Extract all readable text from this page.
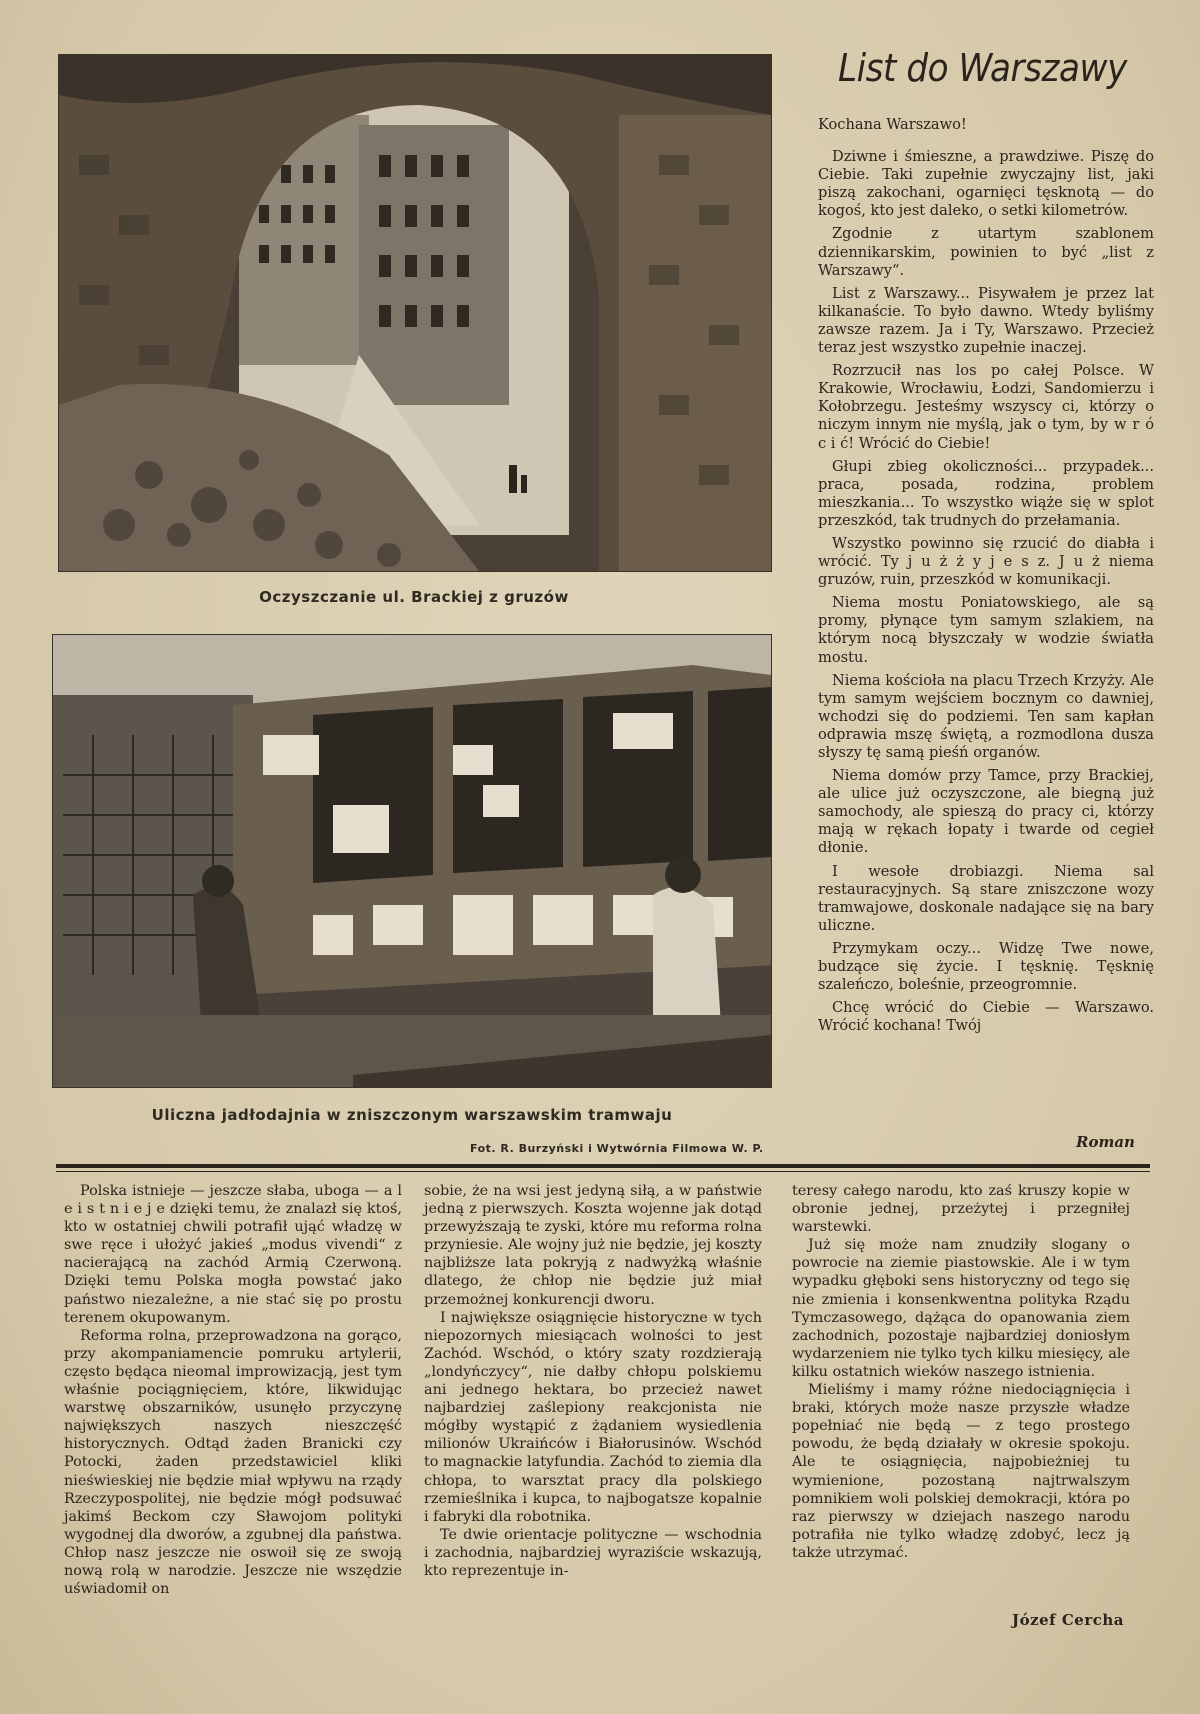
Oczyszczanie ul. Brackiej z gruzów
Uliczna jadłodajnia w zniszczonym warszawskim tramwaju
Fot. R. Burzyński i Wytwórnia Filmowa W. P.
List do Warszawy

Kochana Warszawo!

Dziwne i śmieszne, a prawdziwe. Piszę do Ciebie. Taki zupełnie zwyczajny list, jaki piszą zakochani, ogarnięci tęsknotą — do kogoś, kto jest daleko, o setki kilometrów.

Zgodnie z utartym szablonem dziennikarskim, powinien to być „list z Warszawy“.

List z Warszawy... Pisywałem je przez lat kilkanaście. To było dawno. Wtedy byliśmy zawsze razem. Ja i Ty, Warszawo. Przecież teraz jest wszystko zupełnie inaczej.

Rozrzucił nas los po całej Polsce. W Krakowie, Wrocławiu, Łodzi, Sandomierzu i Kołobrzegu. Jesteśmy wszyscy ci, którzy o niczym innym nie myślą, jak o tym, by w r ó c i ć! Wrócić do Ciebie!

Głupi zbieg okoliczności... przypadek... praca, posada, rodzina, problem mieszkania... To wszystko wiąże się w splot przeszkód, tak trudnych do przełamania.

Wszystko powinno się rzucić do diabła i wrócić. Ty j u ż ż y j e s z. J u ż niema gruzów, ruin, przeszkód w komunikacji.

Niema mostu Poniatowskiego, ale są promy, płynące tym samym szlakiem, na którym nocą błyszczały w wodzie światła mostu.

Niema kościoła na placu Trzech Krzyży. Ale tym samym wejściem bocznym co dawniej, wchodzi się do podziemi. Ten sam kapłan odprawia mszę świętą, a rozmodlona dusza słyszy tę samą pieśń organów.

Niema domów przy Tamce, przy Brackiej, ale ulice już oczyszczone, ale biegną już samochody, ale spieszą do pracy ci, którzy mają w rękach łopaty i twarde od cegieł dłonie.

I wesołe drobiazgi. Niema sal restauracyjnych. Są stare zniszczone wozy tramwajowe, doskonale nadające się na bary uliczne.

Przymykam oczy... Widzę Twe nowe, budzące się życie. I tęsknię. Tęsknię szaleńczo, boleśnie, przeogromnie.

Chcę wrócić do Ciebie — Warszawo. Wrócić kochana! Twój

Roman

Polska istnieje — jeszcze słaba, uboga — a l e i s t n i e j e dzięki temu, że znalazł się ktoś, kto w ostatniej chwili potrafił ująć władzę w swe ręce i ułożyć jakieś „modus vivendi“ z nacierającą na zachód Armią Czerwoną. Dzięki temu Polska mogła powstać jako państwo niezależne, a nie stać się po prostu terenem okupowanym.

Reforma rolna, przeprowadzona na gorąco, przy akompaniamencie pomruku artylerii, często będąca nieomal improwizacją, jest tym właśnie pociągnięciem, które, likwidując warstwę obszarników, usunęło przyczynę największych naszych nieszczęść historycznych. Odtąd żaden Branicki czy Potocki, żaden przedstawiciel kliki nieświeskiej nie będzie miał wpływu na rządy Rzeczypospolitej, nie będzie mógł podsuwać jakimś Beckom czy Sławojom polityki wygodnej dla dworów, a zgubnej dla państwa. Chłop nasz jeszcze nie oswoił się ze swoją nową rolą w narodzie. Jeszcze nie wszędzie uświadomił on

sobie, że na wsi jest jedyną siłą, a w państwie jedną z pierwszych. Koszta wojenne jak dotąd przewyższają te zyski, które mu reforma rolna przyniesie. Ale wojny już nie będzie, jej koszty najbliższe lata pokryją z nadwyżką właśnie dlatego, że chłop nie będzie już miał przemożnej konkurencji dworu.

I największe osiągnięcie historyczne w tych niepozornych miesiącach wolności to jest Zachód. Wschód, o który szaty rozdzierają „londyńczycy“, nie dałby chłopu polskiemu ani jednego hektara, bo przecież nawet najbardziej zaślepiony reakcjonista nie mógłby wystąpić z żądaniem wysiedlenia milionów Ukraińców i Białorusinów. Wschód to magnackie latyfundia. Zachód to ziemia dla chłopa, to warsztat pracy dla polskiego rzemieślnika i kupca, to najbogatsze kopalnie i fabryki dla robotnika.

Te dwie orientacje polityczne — wschodnia i zachodnia, najbardziej wyraziście wskazują, kto reprezentuje in-

teresy całego narodu, kto zaś kruszy kopie w obronie jednej, przeżytej i przegniłej warstewki.

Już się może nam znudziły slogany o powrocie na ziemie piastowskie. Ale i w tym wypadku głęboki sens historyczny od tego się nie zmienia i konsenkwentna polityka Rządu Tymczasowego, dążąca do opanowania ziem zachodnich, pozostaje najbardziej doniosłym wydarzeniem nie tylko tych kilku miesięcy, ale kilku ostatnich wieków naszego istnienia.

Mieliśmy i mamy różne niedociągnięcia i braki, których może nasze przyszłe władze popełniać nie będą — z tego prostego powodu, że będą działały w okresie spokoju. Ale te osiągnięcia, najpobieżniej tu wymienione, pozostaną najtrwalszym pomnikiem woli polskiej demokracji, która po raz pierwszy w dziejach naszego narodu potrafiła nie tylko władzę zdobyć, lecz ją także utrzymać.

Józef Cercha
